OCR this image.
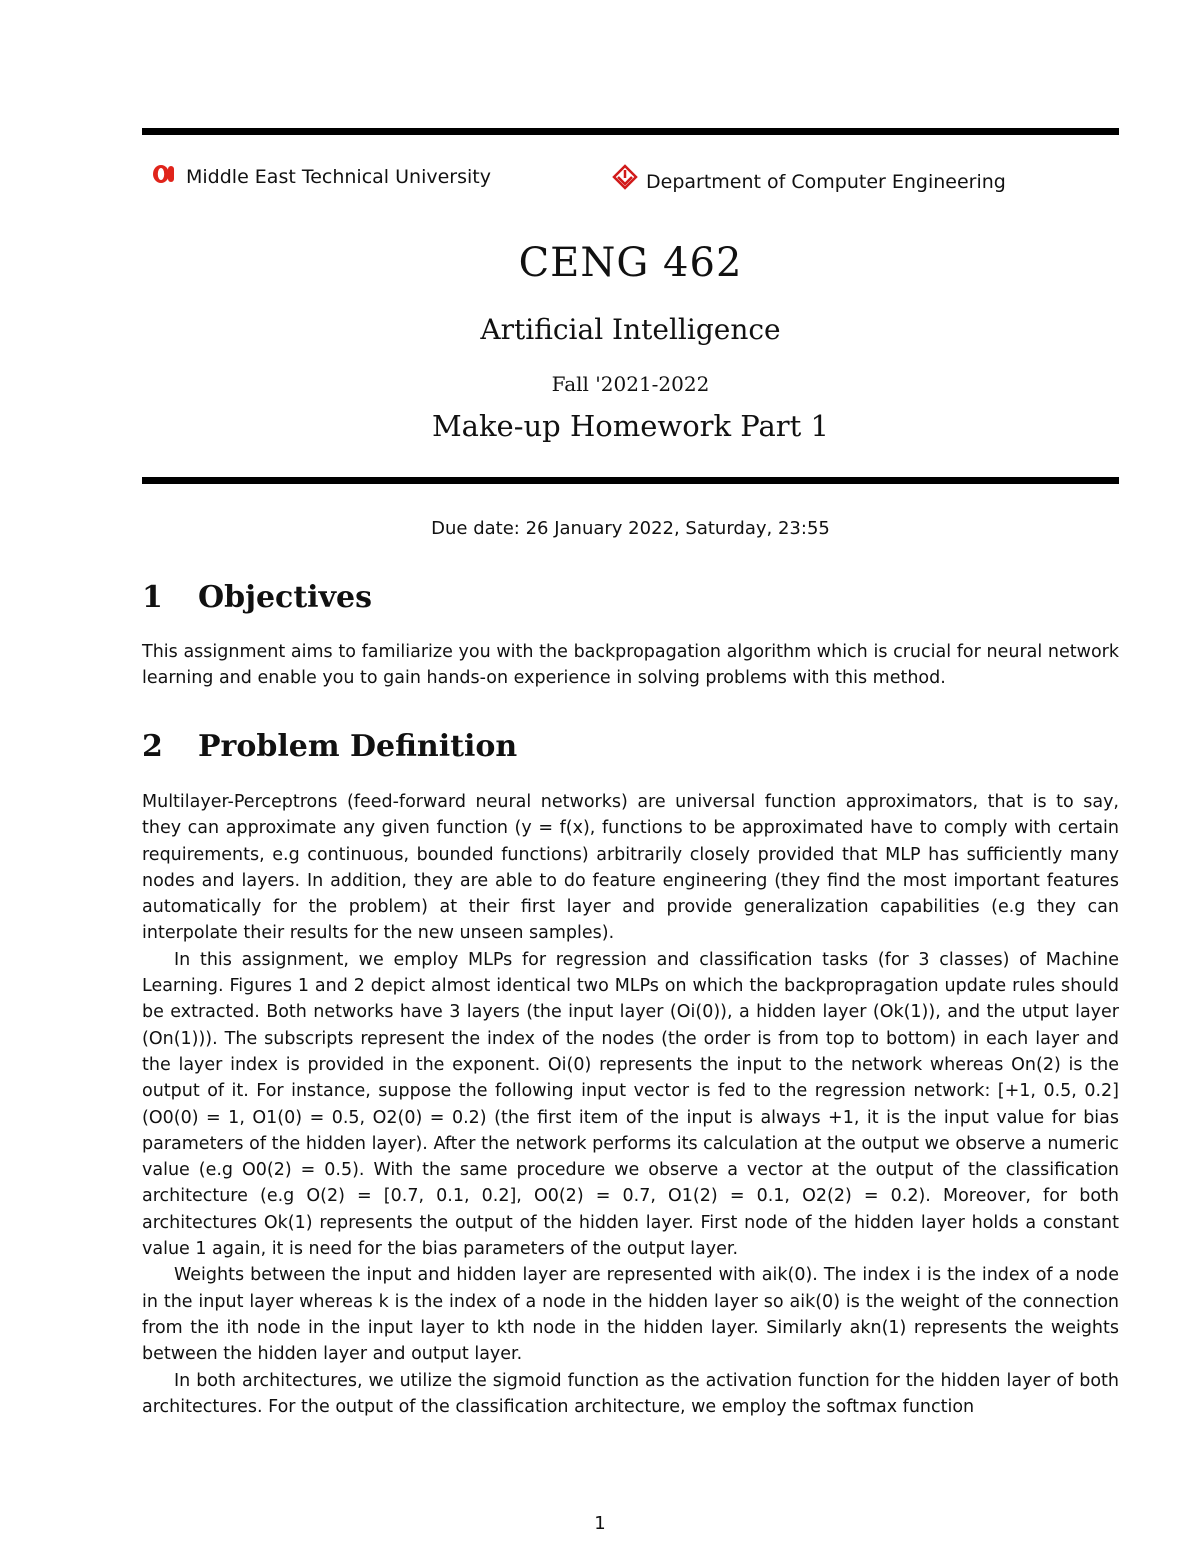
Middle East Technical University	Department of Computer Engineering
CENG 462
Artificial Intelligence
Fall '2021-2022
Make-up Homework Part 1
Due date: 26 January 2022, Saturday, 23:55
1 Objectives

This assignment aims to familiarize you with the backpropagation algorithm which is crucial for neural network learning and enable you to gain hands-on experience in solving problems with this method.

2 Problem Definition

Multilayer-Perceptrons (feed-forward neural networks) are universal function approximators, that is to say, they can approximate any given function (y = f(x), functions to be approximated have to comply with certain requirements, e.g continuous, bounded functions) arbitrarily closely provided that MLP has sufficiently many nodes and layers. In addition, they are able to do feature engineering (they find the most important features automatically for the problem) at their first layer and provide generalization capabilities (e.g they can interpolate their results for the new unseen samples).

In this assignment, we employ MLPs for regression and classification tasks (for 3 classes) of Machine Learning. Figures 1 and 2 depict almost identical two MLPs on which the backpropragation update rules should be extracted. Both networks have 3 layers (the input layer (Oi(0)), a hidden layer (Ok(1)), and the utput layer (On(1))). The subscripts represent the index of the nodes (the order is from top to bottom) in each layer and the layer index is provided in the exponent. Oi(0) represents the input to the network whereas On(2) is the output of it. For instance, suppose the following input vector is fed to the regression network: [+1, 0.5, 0.2] (O0(0) = 1, O1(0) = 0.5, O2(0) = 0.2) (the first item of the input is always +1, it is the input value for bias parameters of the hidden layer). After the network performs its calculation at the output we observe a numeric value (e.g O0(2) = 0.5). With the same procedure we observe a vector at the output of the classification architecture (e.g O(2) = [0.7, 0.1, 0.2], O0(2) = 0.7, O1(2) = 0.1, O2(2) = 0.2). Moreover, for both architectures Ok(1) represents the output of the hidden layer. First node of the hidden layer holds a constant value 1 again, it is need for the bias parameters of the output layer.

Weights between the input and hidden layer are represented with aik(0). The index i is the index of a node in the input layer whereas k is the index of a node in the hidden layer so aik(0) is the weight of the connection from the ith node in the input layer to kth node in the hidden layer. Similarly akn(1) represents the weights between the hidden layer and output layer.

In both architectures, we utilize the sigmoid function as the activation function for the hidden layer of both architectures. For the output of the classification architecture, we employ the softmax function

1
